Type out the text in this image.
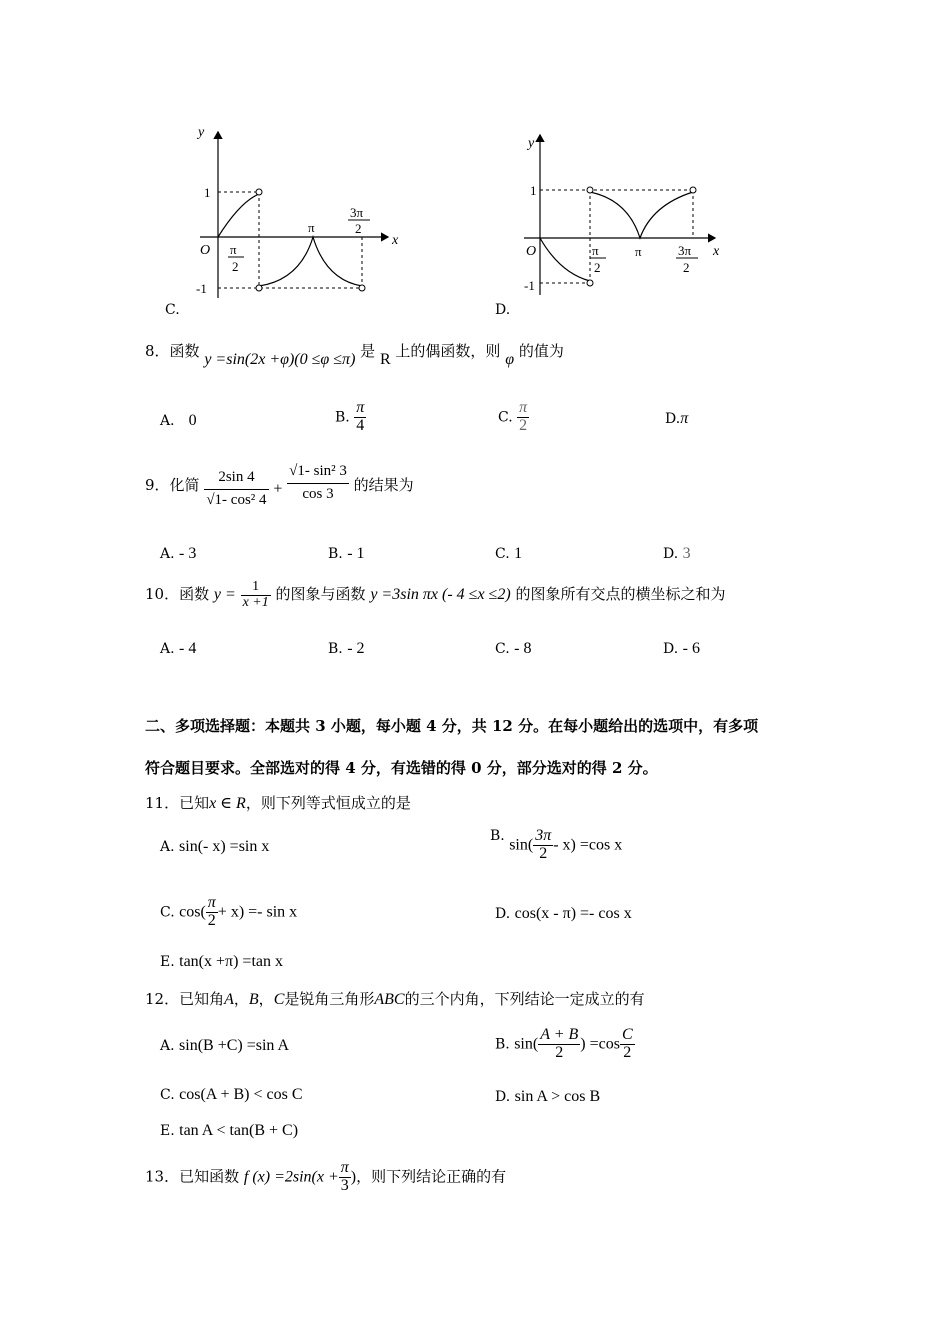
y
x
O
1
-1
π
π
2
3π
2
C.
y
x
O
1
-1
π
π
2
3π
2
D.
8．函数 y =sin(2x +φ)(0 ≤φ ≤π) 是 R 上的偶函数，则 φ 的值为
A． 0	B. $\frac{\pi}{4}$	C. $\frac{\pi}{2}$	D.π
9．化简 $\frac{2\sin 4}{\text{√1- cos² 4}} + \frac{\text{√1- sin² 3}}{\cos 3}$ 的结果为
A. - 3	B. - 1	C. 1	D. 3
10．函数 $y = \frac{1}{x +1}$ 的图象与函数 y =3sin πx (- 4 ≤x ≤2) 的图象所有交点的横坐标之和为
A. - 4	B. - 2	C. - 8	D. - 6
二、多项选择题：本题共 3 小题，每小题 4 分，共 12 分。在每小题给出的选项中，有多项
符合题目要求。全部选对的得 4 分，有选错的得 0 分，部分选对的得 2 分。
11．已知x ∈ R，则下列等式恒成立的是
A. sin(- x) =sin x
B. $\sin( \frac{3\pi}{2} - x) =\cos$ x
C. $\cos( \frac{\pi}{2} + x) =- \sin x$	D. cos(x - π) =- cos x
E. tan(x +π) =tan x
12．已知角A，B，C是锐角三角形ABC的三个内角，下列结论一定成立的有
A. sin(B +C) =sin A	B. $\sin( \frac{A + B}{2}$ ) $=\cos \frac{C}{2}$
C. cos(A + B) < cos C	D. sin A > cos B
E. tan A < tan(B + C)
13．已知函数 f $(x) =2\sin(x + \frac{\pi}{3}$ )，则下列结论正确的有
